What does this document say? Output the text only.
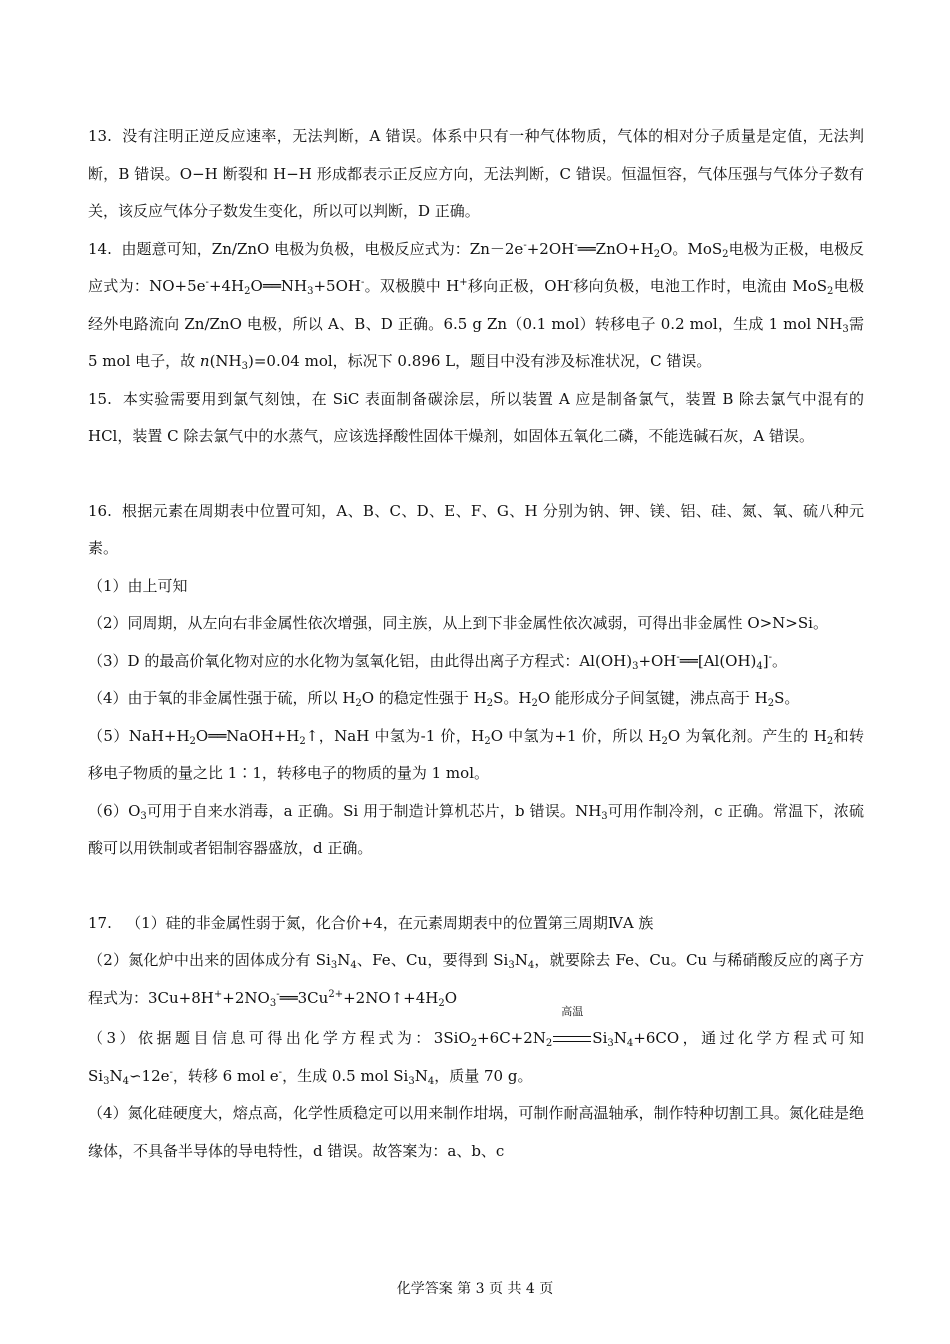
13. 没有注明正逆反应速率，无法判断，A 错误。体系中只有一种气体物质，气体的相对分子质量是定值，无法判断，B 错误。O−H 断裂和 H−H 形成都表示正反应方向，无法判断，C 错误。恒温恒容，气体压强与气体分子数有关，该反应气体分子数发生变化，所以可以判断，D 正确。

14. 由题意可知，Zn/ZnO 电极为负极，电极反应式为：$Zn-2e^-+2OH^-══ZnO+H_2O$。MoS$_2$电极为正极，电极反应式为：$NO+5e^-+4H_2O══NH_3+5OH^-$。双极膜中 H+移向正极，OH-移向负极，电池工作时，电流由 MoS$_2$电极经外电路流向 Zn/ZnO 电极，所以 A、B、D 正确。6.5 g Zn（0.1 mol）转移电子 0.2 mol，生成 1 mol $NH_3$需 5 mol 电子，故 $n(NH_3)=0.04$ mol，标况下 0.896 L，题目中没有涉及标准状况，C 错误。

15. 本实验需要用到氯气刻蚀，在 SiC 表面制备碳涂层，所以装置 A 应是制备氯气，装置 B 除去氯气中混有的 HCl，装置 C 除去氯气中的水蒸气，应该选择酸性固体干燥剂，如固体五氧化二磷，不能选碱石灰，A 错误。

16. 根据元素在周期表中位置可知，A、B、C、D、E、F、G、H 分别为钠、钾、镁、铝、硅、氮、氧、硫八种元素。

（1）由上可知

（2）同周期，从左向右非金属性依次增强，同主族，从上到下非金属性依次减弱，可得出非金属性 O>N>Si。

（3）D 的最高价氧化物对应的水化物为氢氧化铝，由此得出离子方程式：$Al(OH)_3+OH^-══[Al(OH)_4]^-$。

（4）由于氧的非金属性强于硫，所以 $H_2O$ 的稳定性强于 $H_2S$。$H_2O$ 能形成分子间氢键，沸点高于 $H_2S$。

$(5)NaH+H_2O══NaOH+H_2↑$，NaH 中氢为-1 价，$H_2O$ 中氢为+1 价，所以 $H_2O$ 为氧化剂。产生的 $H_2$和转移电子物质的量之比 1∶1，转移电子的物质的量为 1 mol。

$(6)O_3$可用于自来水消毒，a 正确。Si 用于制造计算机芯片，b 错误。$NH_3$可用作制冷剂，c 正确。常温下，浓硫酸可以用铁制或者铝制容器盛放，d 正确。

17. （1）硅的非金属性弱于氮，化合价+4，在元素周期表中的位置第三周期ⅣA 族

（2）氮化炉中出来的固体成分有 $Si_3N_4$、Fe、Cu，要得到 $Si_3N_4$，就要除去 Fe、Cu。Cu 与稀硝酸反应的离子方程式为：$3Cu+8H^++2NO_3^-══3Cu^{2+}+2NO↑+4H_2O$

（3）依据题目信息可得出化学方程式为：$3SiO_2+6C+2N_2$
高温
$Si_3N_4+6CO$，通过化学方程式可知 $Si_3N_4∽12e^-$，转移 6 mol e-，生成 0.5 mol $Si_3N_4$，质量 70 g。

（4）氮化硅硬度大，熔点高，化学性质稳定可以用来制作坩埚，可制作耐高温轴承，制作特种切割工具。氮化硅是绝缘体，不具备半导体的导电特性，d 错误。故答案为：a、b、c

化学答案 第 3 页 共 4 页
